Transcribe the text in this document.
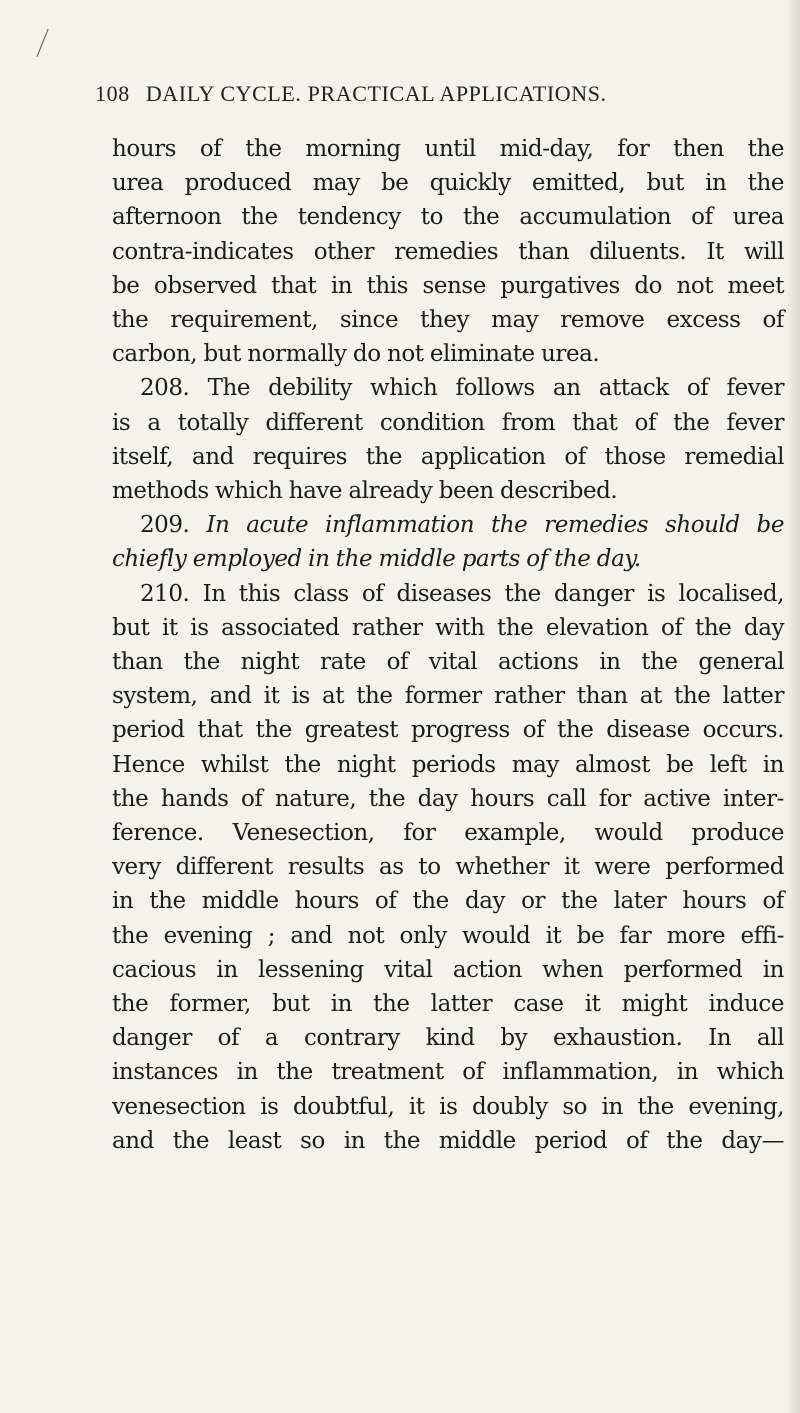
108 DAILY CYCLE. PRACTICAL APPLICATIONS.
hours of the morning until mid-day, for then the
urea produced may be quickly emitted, but in the
afternoon the tendency to the accumulation of urea
contra-indicates other remedies than diluents. It will
be observed that in this sense purgatives do not meet
the requirement, since they may remove excess of
carbon, but normally do not eliminate urea.
208. The debility which follows an attack of fever
is a totally different condition from that of the fever
itself, and requires the application of those remedial
methods which have already been described.
209. In acute inflammation the remedies should be
chiefly employed in the middle parts of the day.
210. In this class of diseases the danger is localised,
but it is associated rather with the elevation of the day
than the night rate of vital actions in the general
system, and it is at the former rather than at the latter
period that the greatest progress of the disease occurs.
Hence whilst the night periods may almost be left in
the hands of nature, the day hours call for active inter-
ference. Venesection, for example, would produce
very different results as to whether it were performed
in the middle hours of the day or the later hours of
the evening ; and not only would it be far more effi-
cacious in lessening vital action when performed in
the former, but in the latter case it might induce
danger of a contrary kind by exhaustion. In all
instances in the treatment of inflammation, in which
venesection is doubtful, it is doubly so in the evening,
and the least so in the middle period of the day—
